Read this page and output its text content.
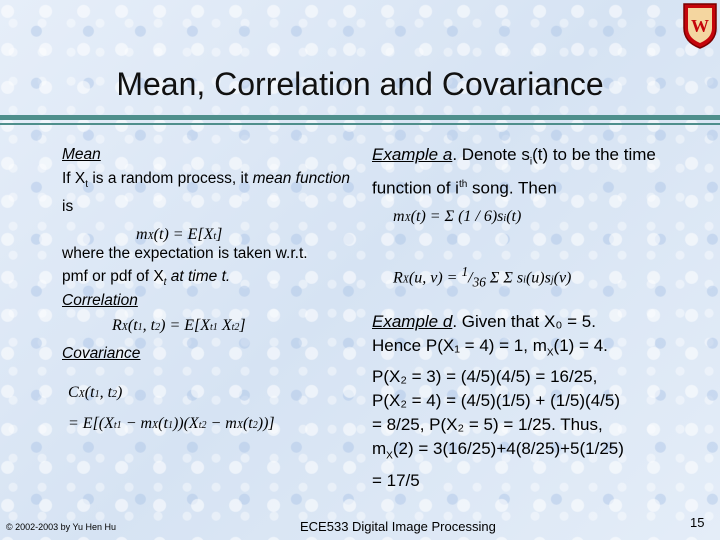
W
Mean, Correlation and Covariance
Mean
If $X_t$ is a random process, it mean function is
mX(t) = E[Xt]
where the expectation is taken w.r.t.
pmf or pdf of $X_t$ at time t.
Correlation
RX(t1, t2) = E[Xt1 Xt2]
Covariance
CX(t1, t2)
= E[(Xt1 − mX(t1))(Xt2 − mX(t2))]
Example a. Denote $s_i(t)$ to be the time function of $i^{th}$ song. Then
mX(t) = Σ (1 / 6)si(t)
RX(u, $v) = ^1/_{36}$ Σ Σ si(u)sj(v)
Example d. Given that X₀ = 5.
Hence P(X₁ = 4) = 1, $m_X(1) = 4$.
P(X₂ = 3) = (4/5)(4/5) = 16/25,
P(X₂ = 4) = (4/5)(1/5) + (1/5)(4/5)
= 8/25, P(X₂ = 5) = 1/25. Thus,
$m_X(2) = 3(16/25)+4(8/25)+5(1/25)$
= 17/5
© 2002-2003 by Yu Hen Hu	ECE533 Digital Image Processing	15
